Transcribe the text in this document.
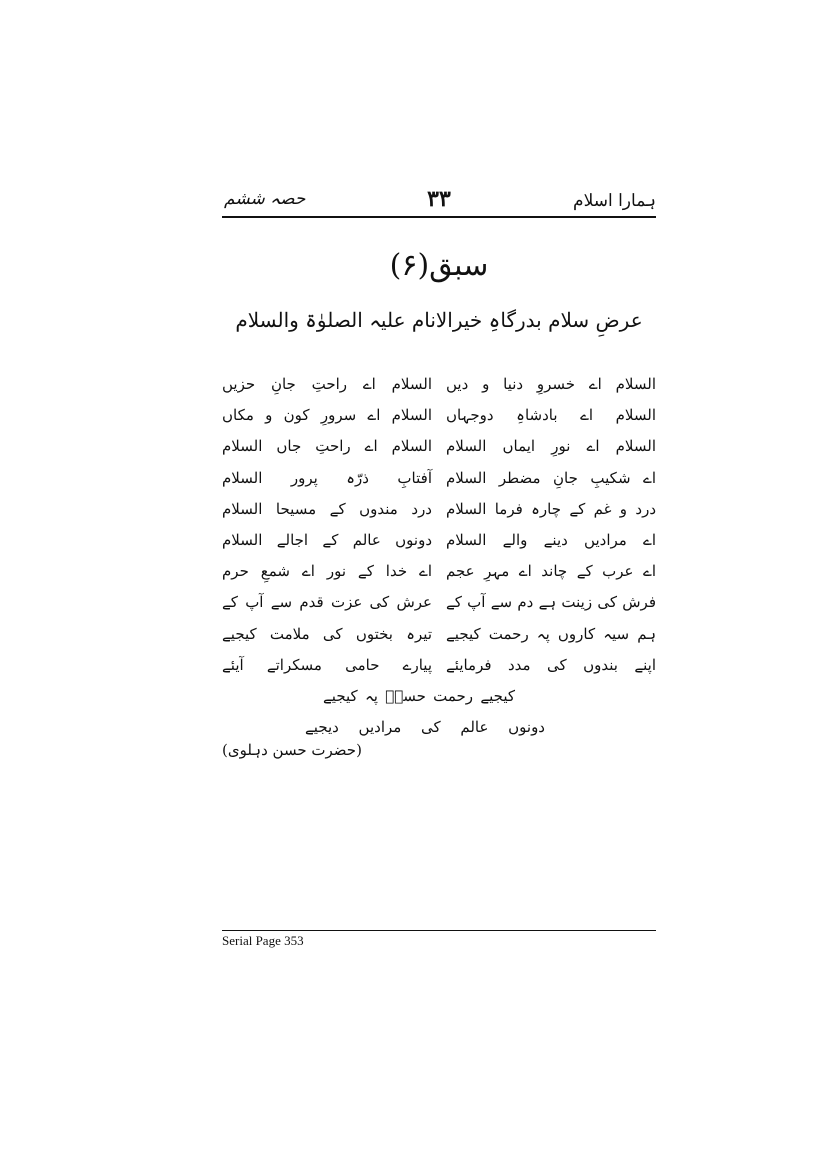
ہمارا اسلام
۳۳
حصہ ششم
سبق(۶)
عرضِ سلام بدرگاہِ خیرالانام علیہ الصلوٰۃ والسلام
السلام اے خسروِ دنیا و دیں
السلام اے راحتِ جانِ حزیں
السلام اے بادشاہِ دوجہاں
السلام اے سرورِ کون و مکاں
السلام اے نورِ ایماں السلام
السلام اے راحتِ جاں السلام
اے شکیبِ جانِ مضطر السلام
آفتابِ ذرّہ پرور السلام
درد و غم کے چارہ فرما السلام
درد مندوں کے مسیحا السلام
اے مرادیں دینے والے السلام
دونوں عالم کے اجالے السلام
اے عرب کے چاند اے مہرِ عجم
اے خدا کے نور اے شمعِ حرم
فرش کی زینت ہے دم سے آپ کے
عرش کی عزت قدم سے آپ کے
ہم سیہ کاروں پہ رحمت کیجیے
تیرہ بختوں کی ملامت کیجیے
اپنے بندوں کی مدد فرمایئے
پیارے حامی مسکراتے آیئے
کیجیے رحمت حسنؔ پہ کیجیے
دونوں عالم کی مرادیں دیجیے
(حضرت حسن دہلوی)
Serial Page 353
